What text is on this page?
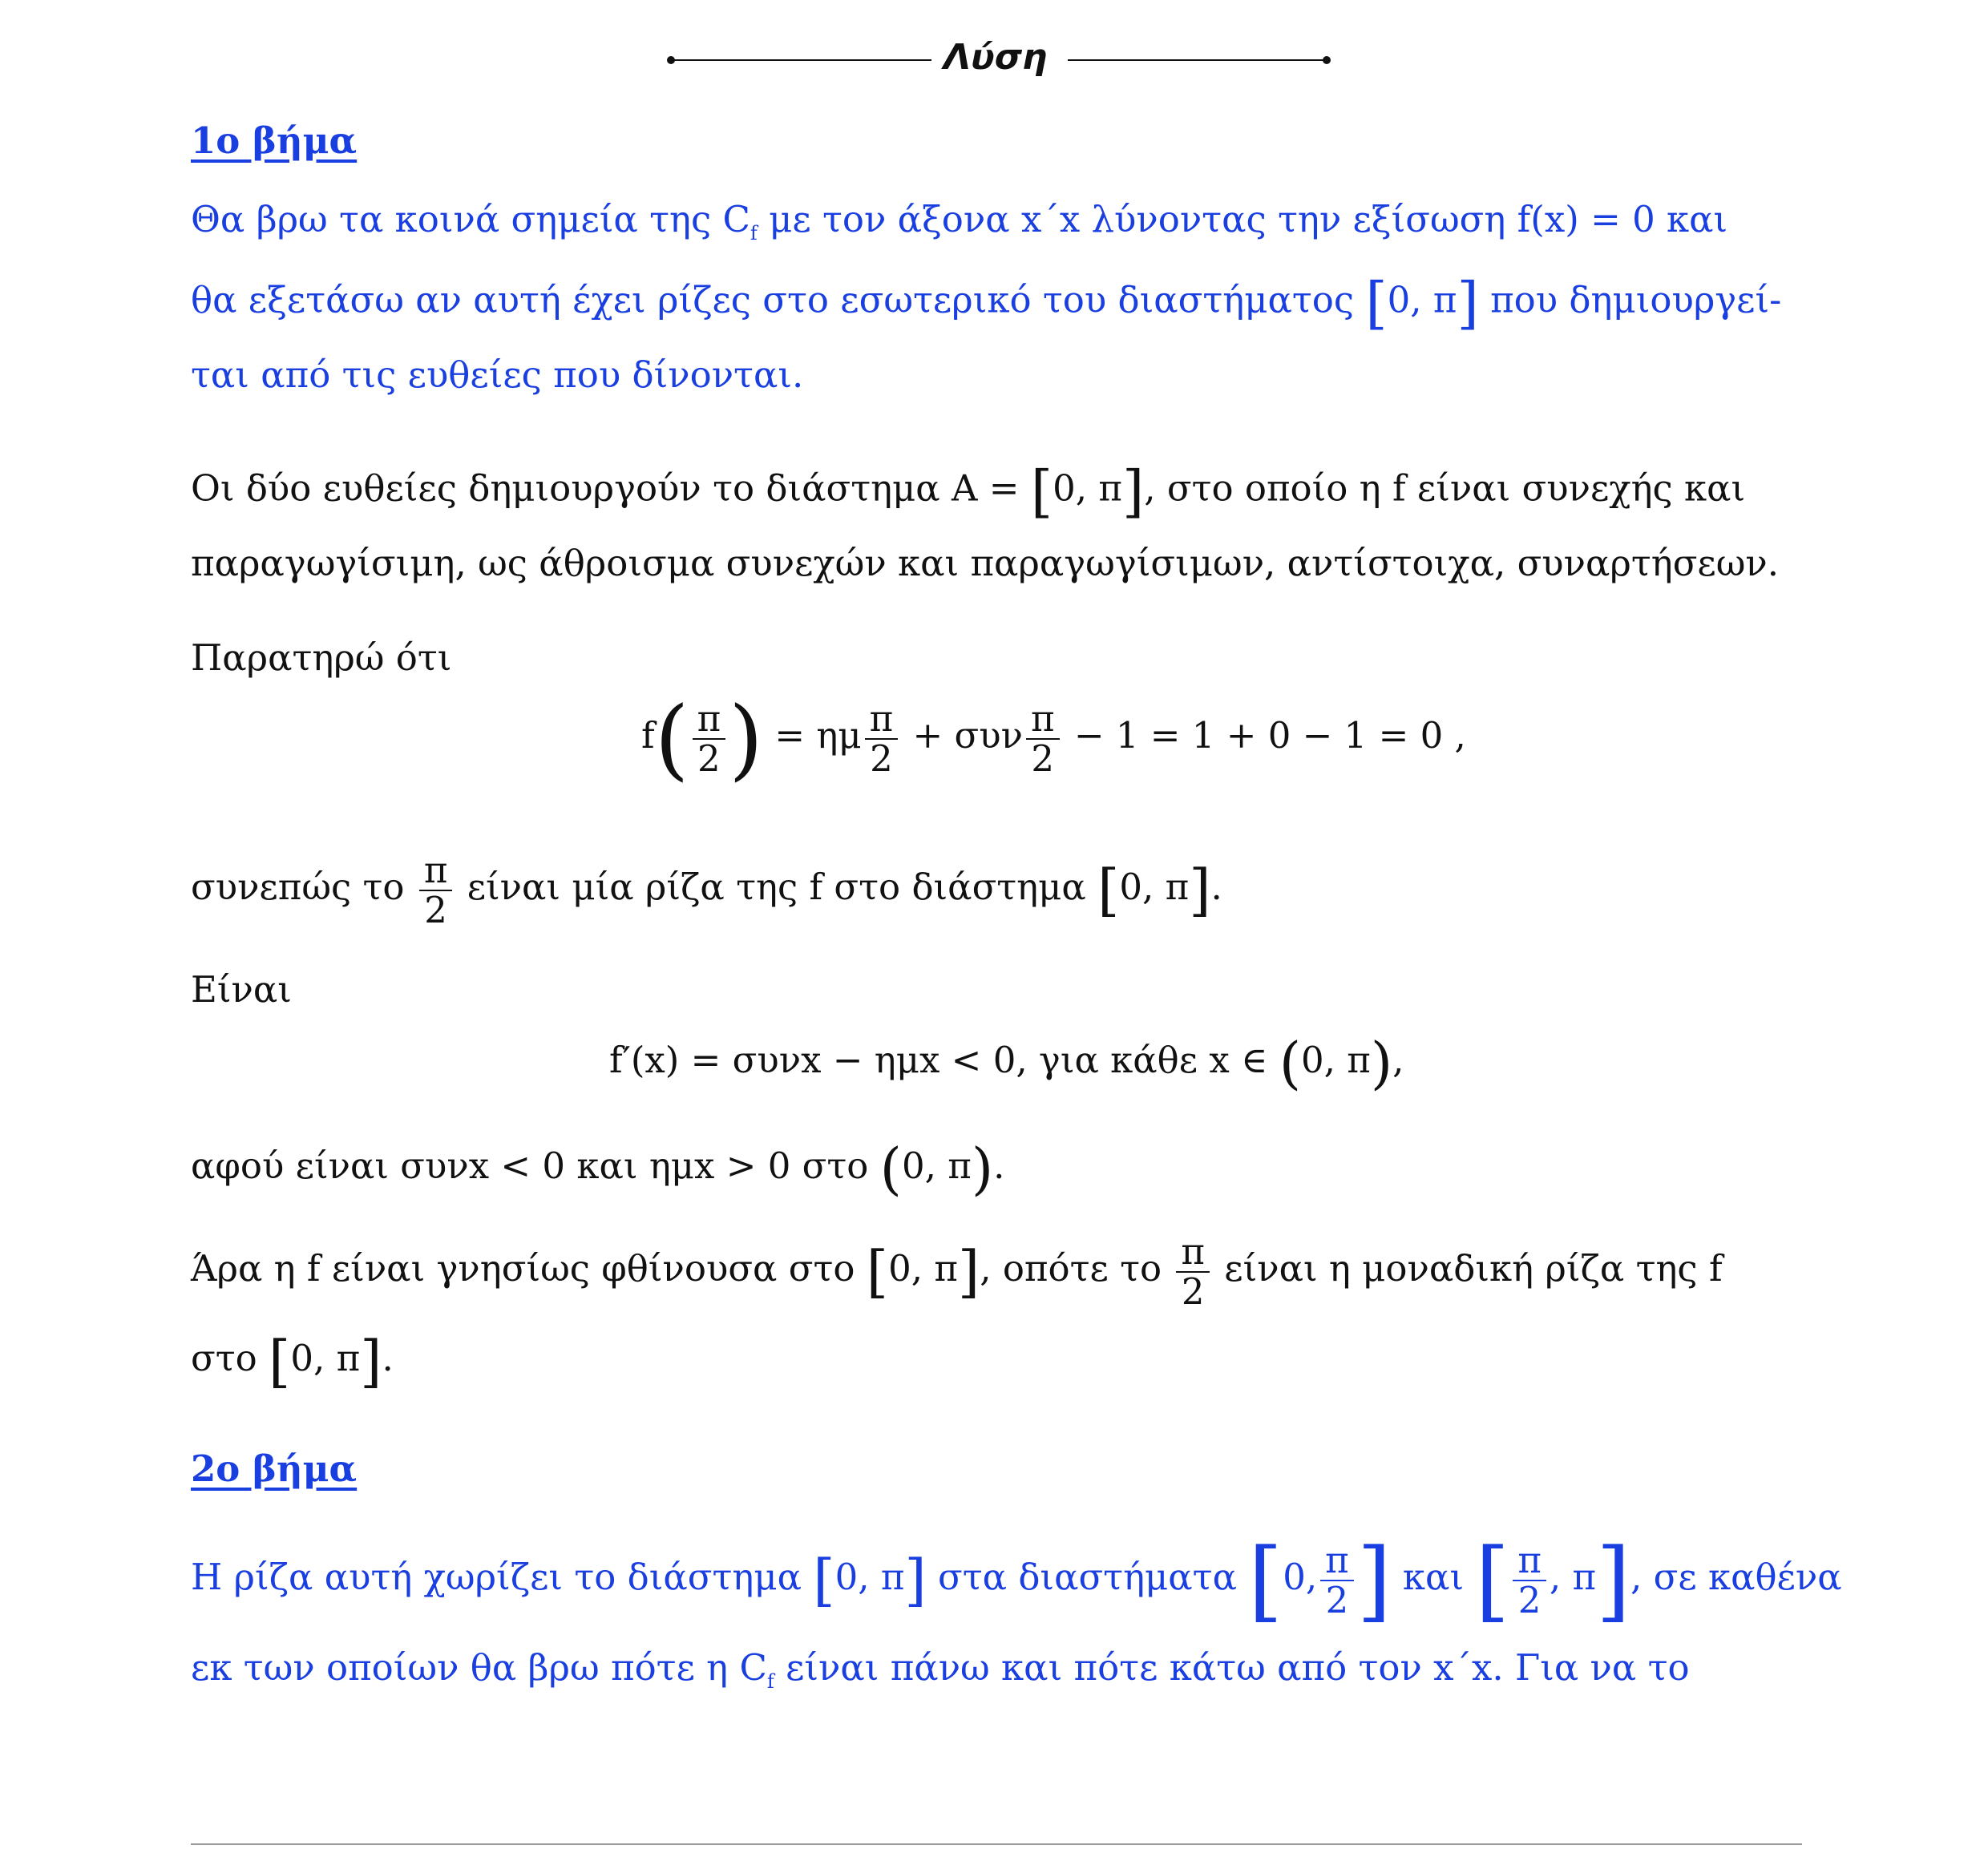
Λύση
1ο βήμα
Θα βρω τα κοινά σημεία της $C_f$ με τον άξονα x΄x λύνοντας την εξίσωση f(x) = 0 και
θα εξετάσω αν αυτή έχει ρίζες στο εσωτερικό του διαστήματος [0, π] που δημιουργεί-
ται από τις ευθείες που δίνονται.
Οι δύο ευθείες δημιουργούν το διάστημα A = [0, π], στο οποίο η f είναι συνεχής και
παραγωγίσιμη, ως άθροισμα συνεχών και παραγωγίσιμων, αντίστοιχα, συναρτήσεων.
Παρατηρώ ότι
$f( \frac{\pi}{2}$ ) = ημ $\frac{\pi}{2} + \sigma\upsilon\nu \frac{\pi}{2} - 1 = 1 + 0 - 1 = 0$ ,
συνεπώς το $\frac{\pi}{2}$ είναι μία ρίζα της f στο διάστημα [0, π].
Είναι
f′(x) = συνx − ημx < 0, για κάθε x ∈ (0, π),
αφού είναι συνx < 0 και ημx > 0 στο (0, π).
Άρα η f είναι γνησίως φθίνουσα στο [0, π], οπότε το $\frac{\pi}{2}$ είναι η μοναδική ρίζα της f
στο [0, π].
2ο βήμα
Η ρίζα αυτή χωρίζει το διάστημα [0, π] στα διαστήματα [0, $\frac{\pi}{2}$ ] και [ $\frac{\pi}{2}$ , π], σε καθένα
εκ των οποίων θα βρω πότε η $C_f$ είναι πάνω και πότε κάτω από τον x΄x. Για να το
